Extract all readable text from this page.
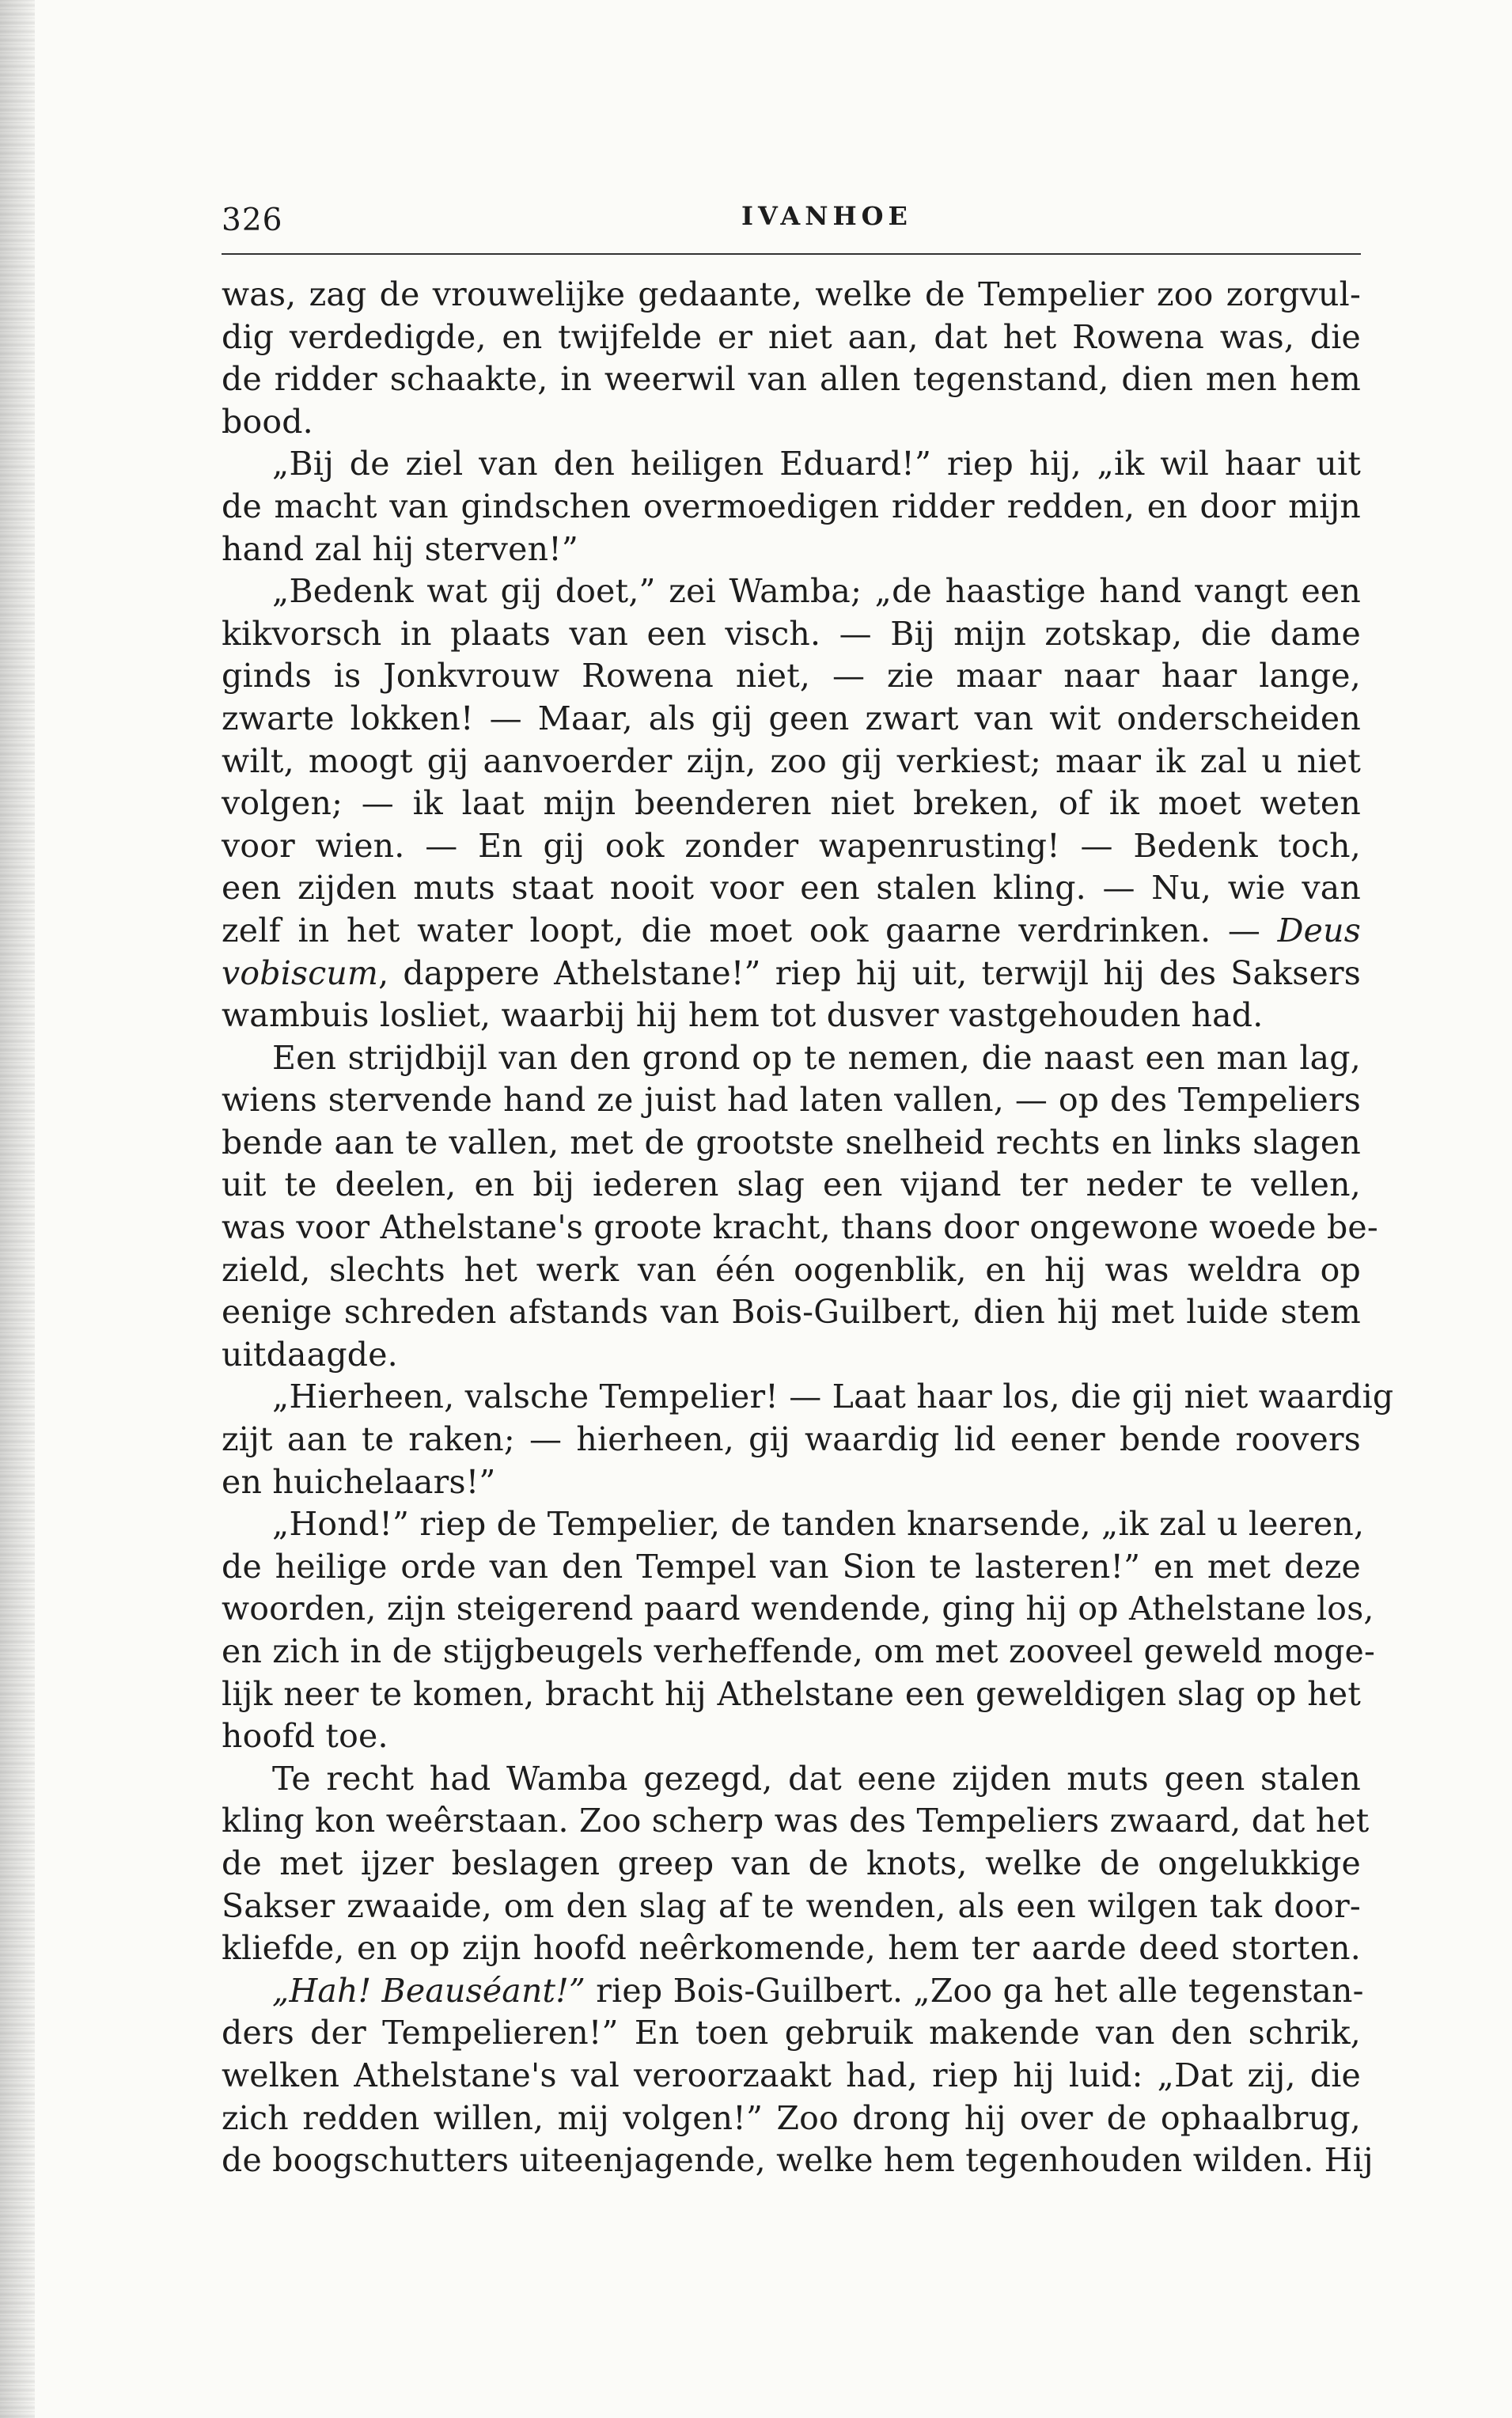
326	IVANHOE
was, zag de vrouwelijke gedaante, welke de Tempelier zoo zorgvul-
dig verdedigde, en twijfelde er niet aan, dat het Rowena was, die
de ridder schaakte, in weerwil van allen tegenstand, dien men hem
bood.
„Bij de ziel van den heiligen Eduard!” riep hij, „ik wil haar uit
de macht van gindschen overmoedigen ridder redden, en door mijn
hand zal hij sterven!”
„Bedenk wat gij doet,” zei Wamba; „de haastige hand vangt een
kikvorsch in plaats van een visch. — Bij mijn zotskap, die dame
ginds is Jonkvrouw Rowena niet, — zie maar naar haar lange,
zwarte lokken! — Maar, als gij geen zwart van wit onderscheiden
wilt, moogt gij aanvoerder zijn, zoo gij verkiest; maar ik zal u niet
volgen; — ik laat mijn beenderen niet breken, of ik moet weten
voor wien. — En gij ook zonder wapenrusting! — Bedenk toch,
een zijden muts staat nooit voor een stalen kling. — Nu, wie van
zelf in het water loopt, die moet ook gaarne verdrinken. — Deus
vobiscum, dappere Athelstane!” riep hij uit, terwijl hij des Saksers
wambuis losliet, waarbij hij hem tot dusver vastgehouden had.
Een strijdbijl van den grond op te nemen, die naast een man lag,
wiens stervende hand ze juist had laten vallen, — op des Tempeliers
bende aan te vallen, met de grootste snelheid rechts en links slagen
uit te deelen, en bij iederen slag een vijand ter neder te vellen,
was voor Athelstane's groote kracht, thans door ongewone woede be-
zield, slechts het werk van één oogenblik, en hij was weldra op
eenige schreden afstands van Bois-Guilbert, dien hij met luide stem
uitdaagde.
„Hierheen, valsche Tempelier! — Laat haar los, die gij niet waardig
zijt aan te raken; — hierheen, gij waardig lid eener bende roovers
en huichelaars!”
„Hond!” riep de Tempelier, de tanden knarsende, „ik zal u leeren,
de heilige orde van den Tempel van Sion te lasteren!” en met deze
woorden, zijn steigerend paard wendende, ging hij op Athelstane los,
en zich in de stijgbeugels verheffende, om met zooveel geweld moge-
lijk neer te komen, bracht hij Athelstane een geweldigen slag op het
hoofd toe.
Te recht had Wamba gezegd, dat eene zijden muts geen stalen
kling kon weêrstaan. Zoo scherp was des Tempeliers zwaard, dat het
de met ijzer beslagen greep van de knots, welke de ongelukkige
Sakser zwaaide, om den slag af te wenden, als een wilgen tak door-
kliefde, en op zijn hoofd neêrkomende, hem ter aarde deed storten.
„Hah! Beauséant!” riep Bois-Guilbert. „Zoo ga het alle tegenstan-
ders der Tempelieren!” En toen gebruik makende van den schrik,
welken Athelstane's val veroorzaakt had, riep hij luid: „Dat zij, die
zich redden willen, mij volgen!” Zoo drong hij over de ophaalbrug,
de boogschutters uiteenjagende, welke hem tegenhouden wilden. Hij
